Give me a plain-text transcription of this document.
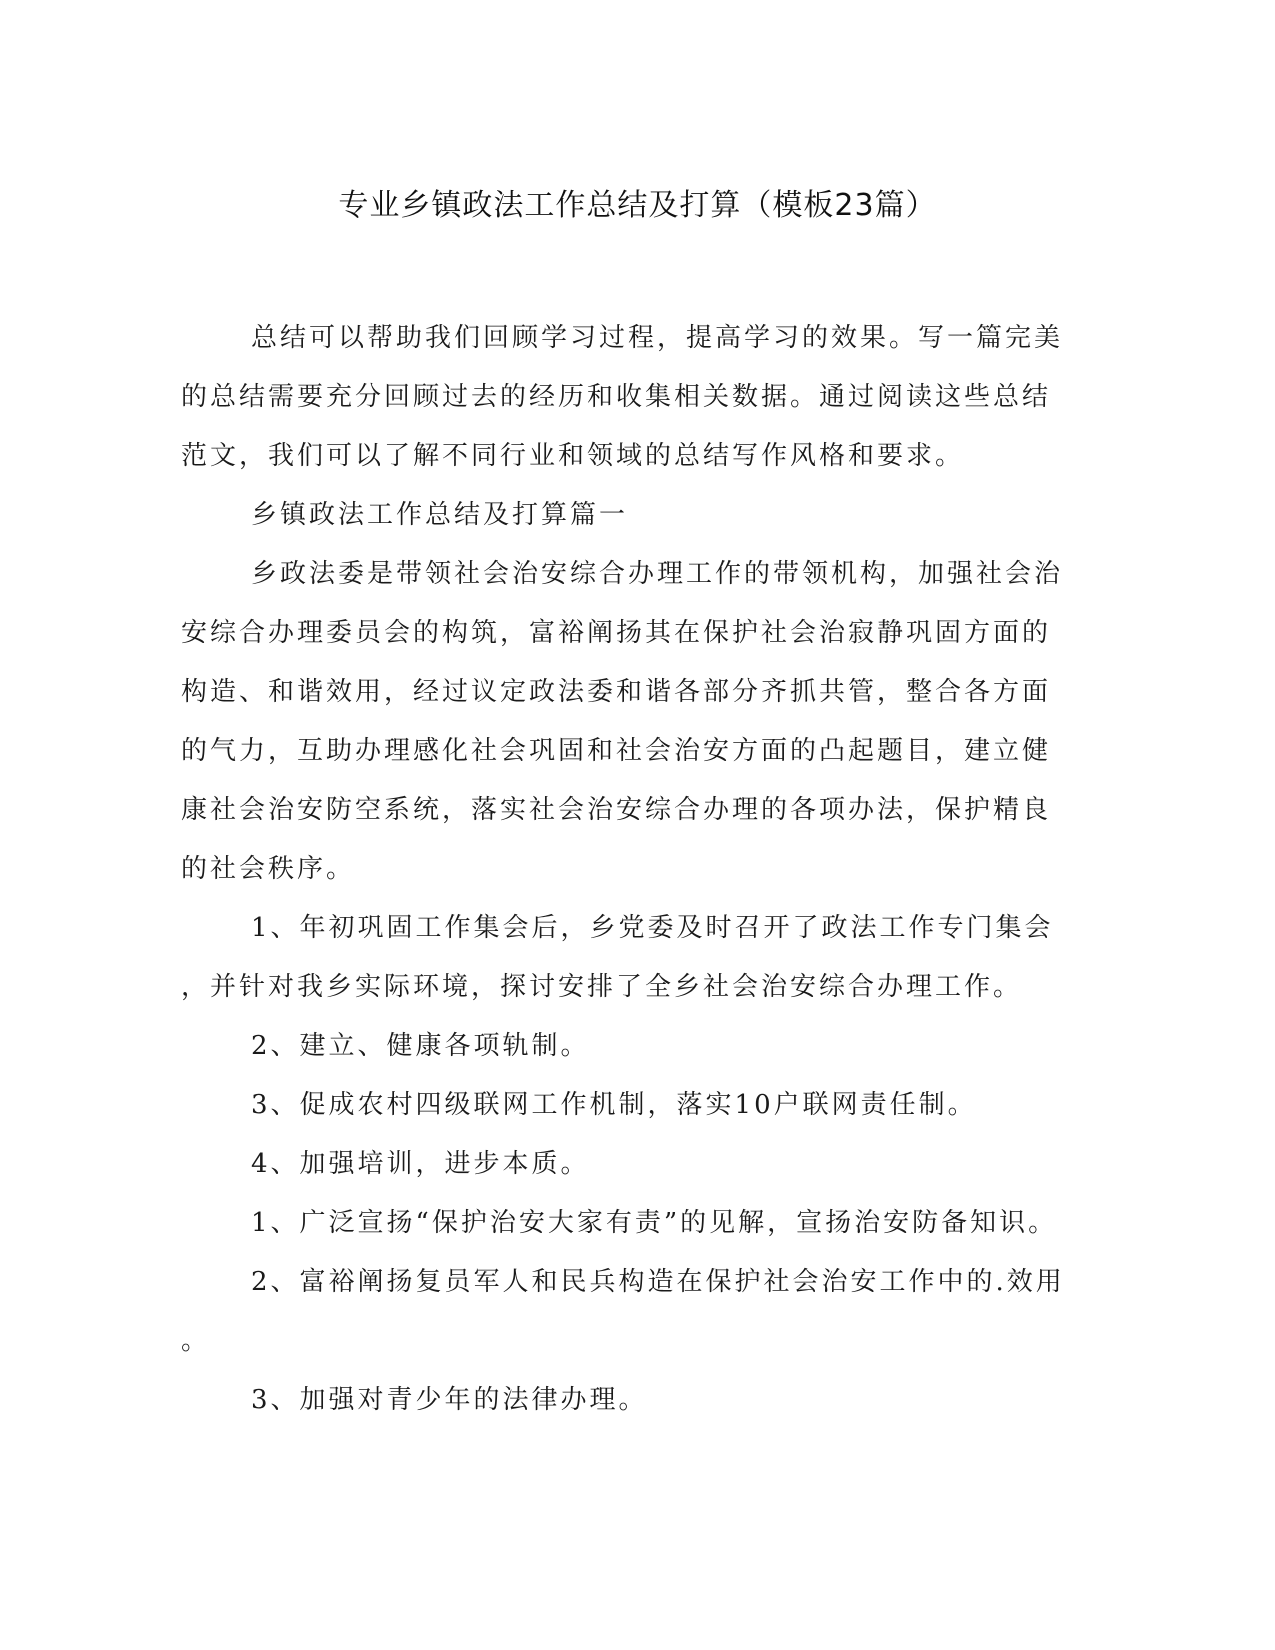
专业乡镇政法工作总结及打算（模板23篇）
总结可以帮助我们回顾学习过程，提高学习的效果。写一篇完美
的总结需要充分回顾过去的经历和收集相关数据。通过阅读这些总结
范文，我们可以了解不同行业和领域的总结写作风格和要求。
乡镇政法工作总结及打算篇一
乡政法委是带领社会治安综合办理工作的带领机构，加强社会治
安综合办理委员会的构筑，富裕阐扬其在保护社会治寂静巩固方面的
构造、和谐效用，经过议定政法委和谐各部分齐抓共管，整合各方面
的气力，互助办理感化社会巩固和社会治安方面的凸起题目，建立健
康社会治安防空系统，落实社会治安综合办理的各项办法，保护精良
的社会秩序。
1、年初巩固工作集会后，乡党委及时召开了政法工作专门集会
，并针对我乡实际环境，探讨安排了全乡社会治安综合办理工作。
2、建立、健康各项轨制。
3、促成农村四级联网工作机制，落实10户联网责任制。
4、加强培训，进步本质。
1、广泛宣扬“保护治安大家有责”的见解，宣扬治安防备知识。
2、富裕阐扬复员军人和民兵构造在保护社会治安工作中的.效用
。
3、加强对青少年的法律办理。
